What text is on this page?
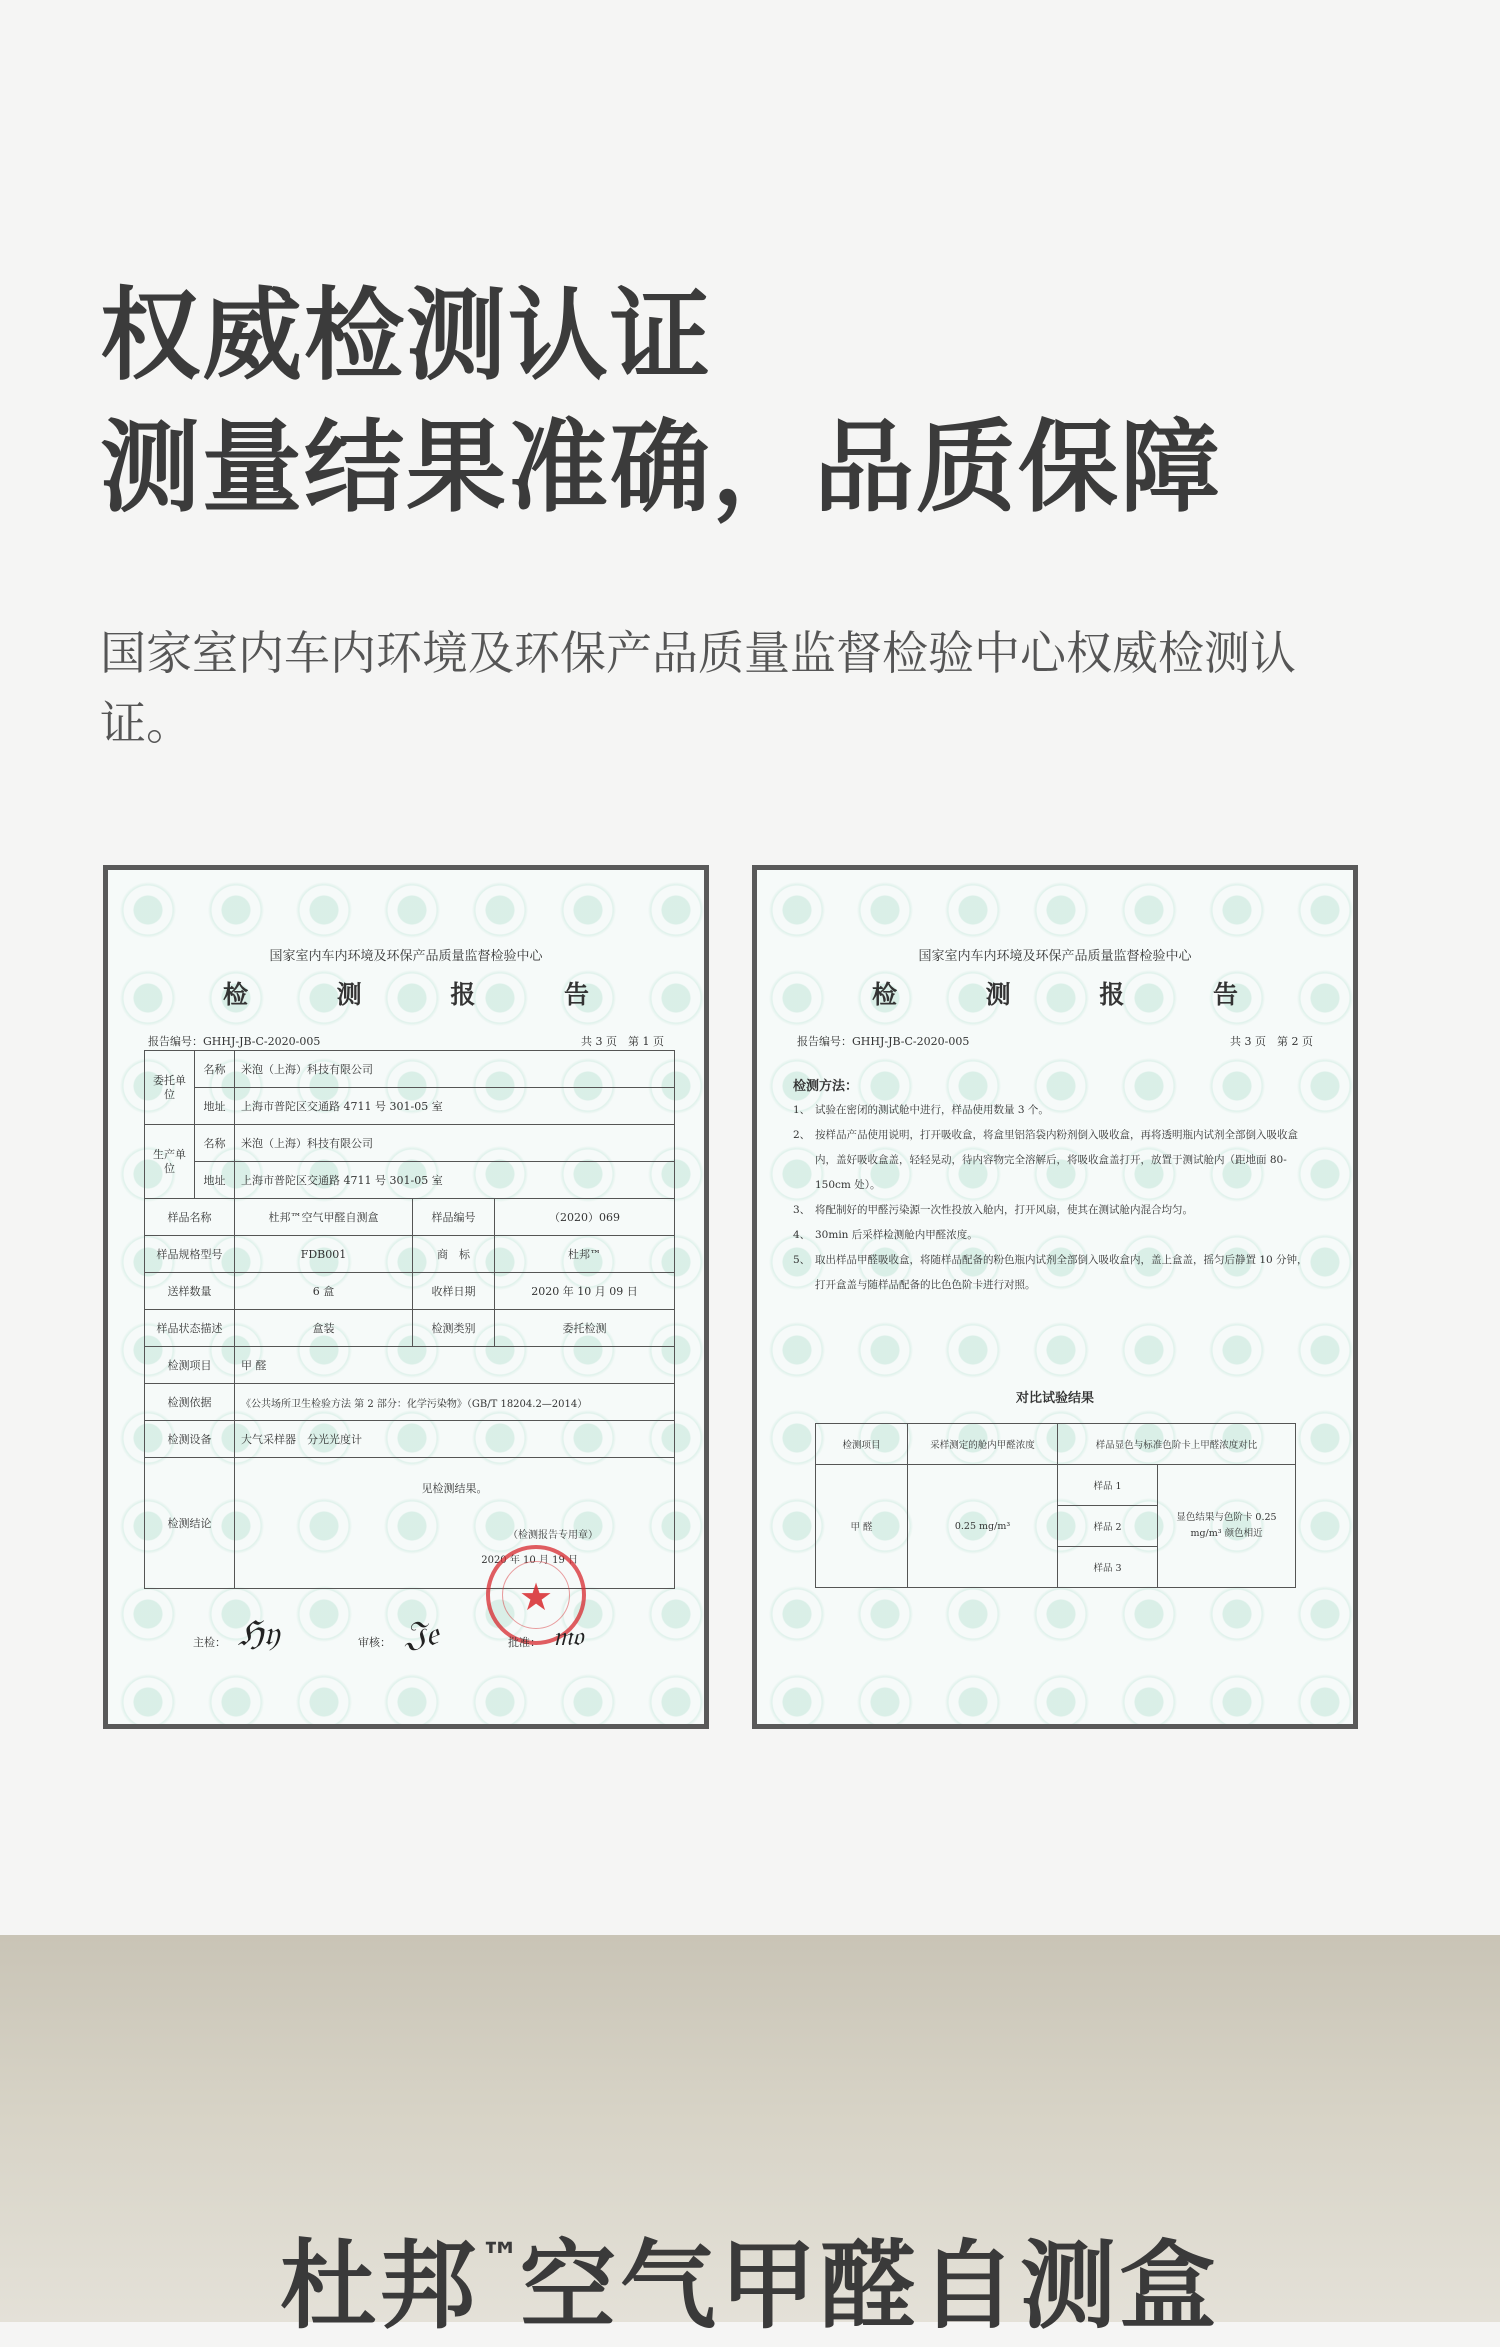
权威检测认证
测量结果准确，品质保障

国家室内车内环境及环保产品质量监督检验中心权威检测认证。

国家室内车内环境及环保产品质量监督检验中心
检 测 报 告
报告编号：GHHJ-JB-C-2020-005	共 3 页　第 1 页
委托单位	名称	米泡（上海）科技有限公司		
	地址	上海市普陀区交通路 4711 号 301-05 室		
生产单位	名称	米泡（上海）科技有限公司		
	地址	上海市普陀区交通路 4711 号 301-05 室		
样品名称		杜邦™空气甲醛自测盒	样品编号	（2020）069
样品规格型号		FDB001	商　标	杜邦™
送样数量		6 盒	收样日期	2020 年 10 月 09 日
样品状态描述		盒装	检测类别	委托检测
检测项目		甲 醛		
检测依据		《公共场所卫生检验方法 第 2 部分：化学污染物》（GB/T 18204.2—2014）		
检测设备		大气采样器　分光光度计		
检测结论		见检测结果。
（检测报告专用章）
2020 年 10 月 19 日		
★
主检： ℌ𝔶	审核： 𝔍𝔢	批准： 𝔪𝔬
国家室内车内环境及环保产品质量监督检验中心
检 测 报 告
报告编号：GHHJ-JB-C-2020-005	共 3 页　第 2 页
检测方法：
1、 试验在密闭的测试舱中进行，样品使用数量 3 个。
2、 按样品产品使用说明，打开吸收盒，将盒里铝箔袋内粉剂倒入吸收盒，再将透明瓶内试剂全部倒入吸收盒内，盖好吸收盒盖，轻轻晃动，待内容物完全溶解后，将吸收盒盖打开，放置于测试舱内（距地面 80-150cm 处）。
3、 将配制好的甲醛污染源一次性投放入舱内，打开风扇，使其在测试舱内混合均匀。
4、 30min 后采样检测舱内甲醛浓度。
5、 取出样品甲醛吸收盒，将随样品配备的粉色瓶内试剂全部倒入吸收盒内，盖上盒盖，摇匀后静置 10 分钟，打开盒盖与随样品配备的比色色阶卡进行对照。
对比试验结果
检测项目	采样测定的舱内甲醛浓度	样品显色与标准色阶卡上甲醛浓度对比	
甲 醛	0.25 mg/m³	样品 1	显色结果与色阶卡 0.25 mg/m³ 颜色相近
		样品 2	
		样品 3	
杜邦™空气甲醛自测盒
